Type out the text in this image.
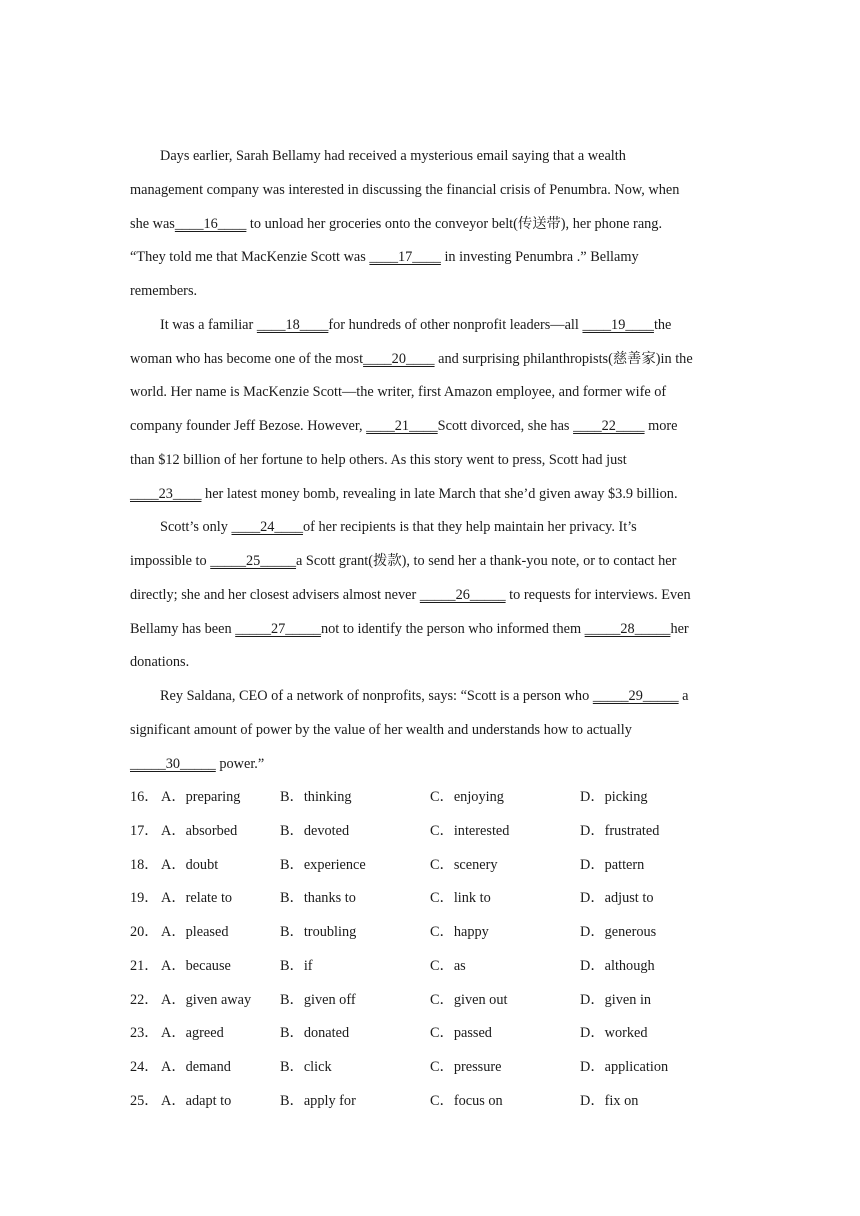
Days earlier, Sarah Bellamy had received a mysterious email saying that a wealth
management company was interested in discussing the financial crisis of Penumbra. Now, when
she was____16____ to unload her groceries onto the conveyor belt(传送带), her phone rang.
“They told me that MacKenzie Scott was ____17____ in investing Penumbra .” Bellamy
remembers.
It was a familiar ____18____for hundreds of other nonprofit leaders—all ____19____the
woman who has become one of the most____20____ and surprising philanthropists(慈善家)in the
world. Her name is MacKenzie Scott—the writer, first Amazon employee, and former wife of
company founder Jeff Bezose. However, ____21____Scott divorced, she has ____22____ more
than $12 billion of her fortune to help others. As this story went to press, Scott had just
____23____ her latest money bomb, revealing in late March that she’d given away $3.9 billion.
Scott’s only ____24____of her recipients is that they help maintain her privacy. It’s
impossible to _____25_____a Scott grant(拨款), to send her a thank-you note, or to contact her
directly; she and her closest advisers almost never _____26_____ to requests for interviews. Even
Bellamy has been _____27_____not to identify the person who informed them _____28_____her
donations.
Rey Saldana, CEO of a network of nonprofits, says: “Scott is a person who _____29_____ a
significant amount of power by the value of her wealth and understands how to actually
_____30_____ power.”
16． A．preparing	B．thinking	C．enjoying	D．picking
17． A．absorbed	B．devoted	C．interested	D．frustrated
18． A．doubt	B．experience	C．scenery	D．pattern
19． A．relate to	B．thanks to	C．link to	D．adjust to
20． A．pleased	B．troubling	C．happy	D．generous
21． A．because	B．if	C．as	D．although
22． A．given away B．given off	C．given out	D．given in
23． A．agreed	B．donated	C．passed	D．worked
24． A．demand	B．click	C．pressure	D．application
25． A．adapt to	B．apply for	C．focus on	D．fix on
